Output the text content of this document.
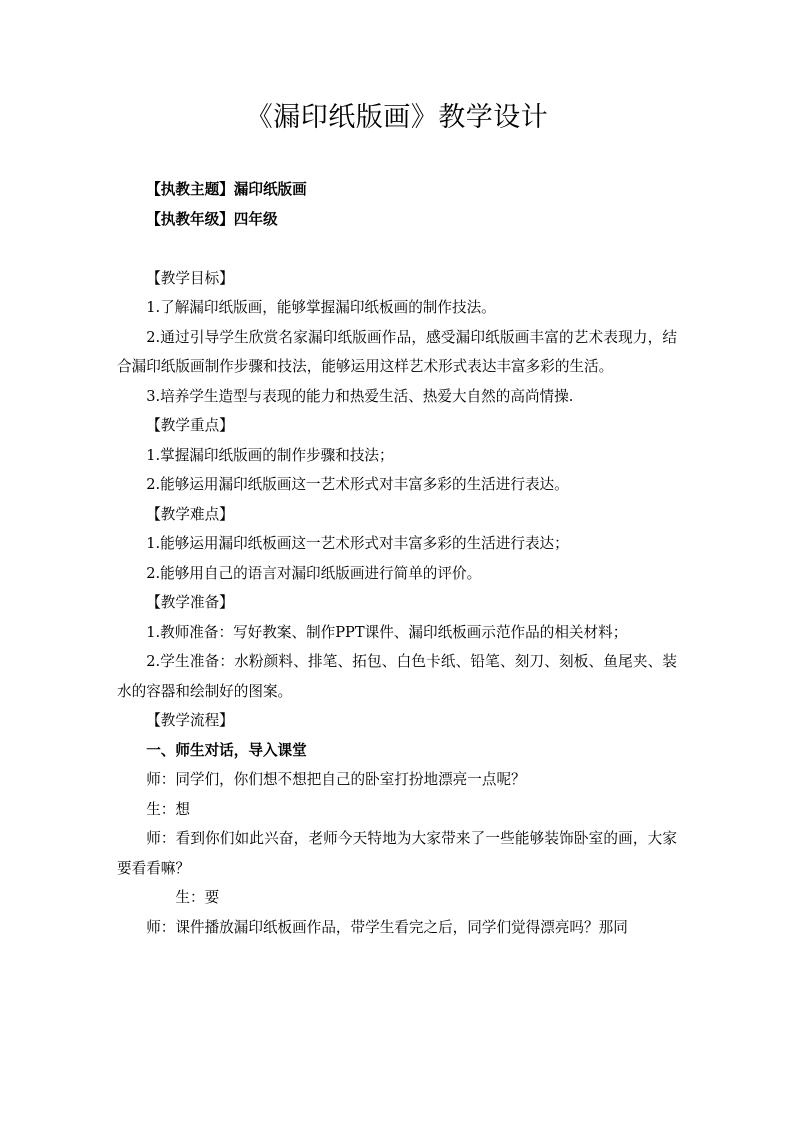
《漏印纸版画》教学设计

【执教主题】漏印纸版画

【执教年级】四年级

【教学目标】

1.了解漏印纸版画，能够掌握漏印纸板画的制作技法。

2.通过引导学生欣赏名家漏印纸版画作品，感受漏印纸版画丰富的艺术表现力，结合漏印纸版画制作步骤和技法，能够运用这样艺术形式表达丰富多彩的生活。

3.培养学生造型与表现的能力和热爱生活、热爱大自然的高尚情操.

【教学重点】

1.掌握漏印纸版画的制作步骤和技法；

2.能够运用漏印纸版画这一艺术形式对丰富多彩的生活进行表达。

【教学难点】

1.能够运用漏印纸板画这一艺术形式对丰富多彩的生活进行表达；

2.能够用自己的语言对漏印纸版画进行简单的评价。

【教学准备】

1.教师准备：写好教案、制作PPT课件、漏印纸板画示范作品的相关材料；

2.学生准备：水粉颜料、排笔、拓包、白色卡纸、铅笔、刻刀、刻板、鱼尾夹、装水的容器和绘制好的图案。

【教学流程】

一、师生对话，导入课堂

师：同学们，你们想不想把自己的卧室打扮地漂亮一点呢？

生：想

师：看到你们如此兴奋，老师今天特地为大家带来了一些能够装饰卧室的画，大家要看看嘛？

生：要

师：课件播放漏印纸板画作品，带学生看完之后，同学们觉得漂亮吗？那同
